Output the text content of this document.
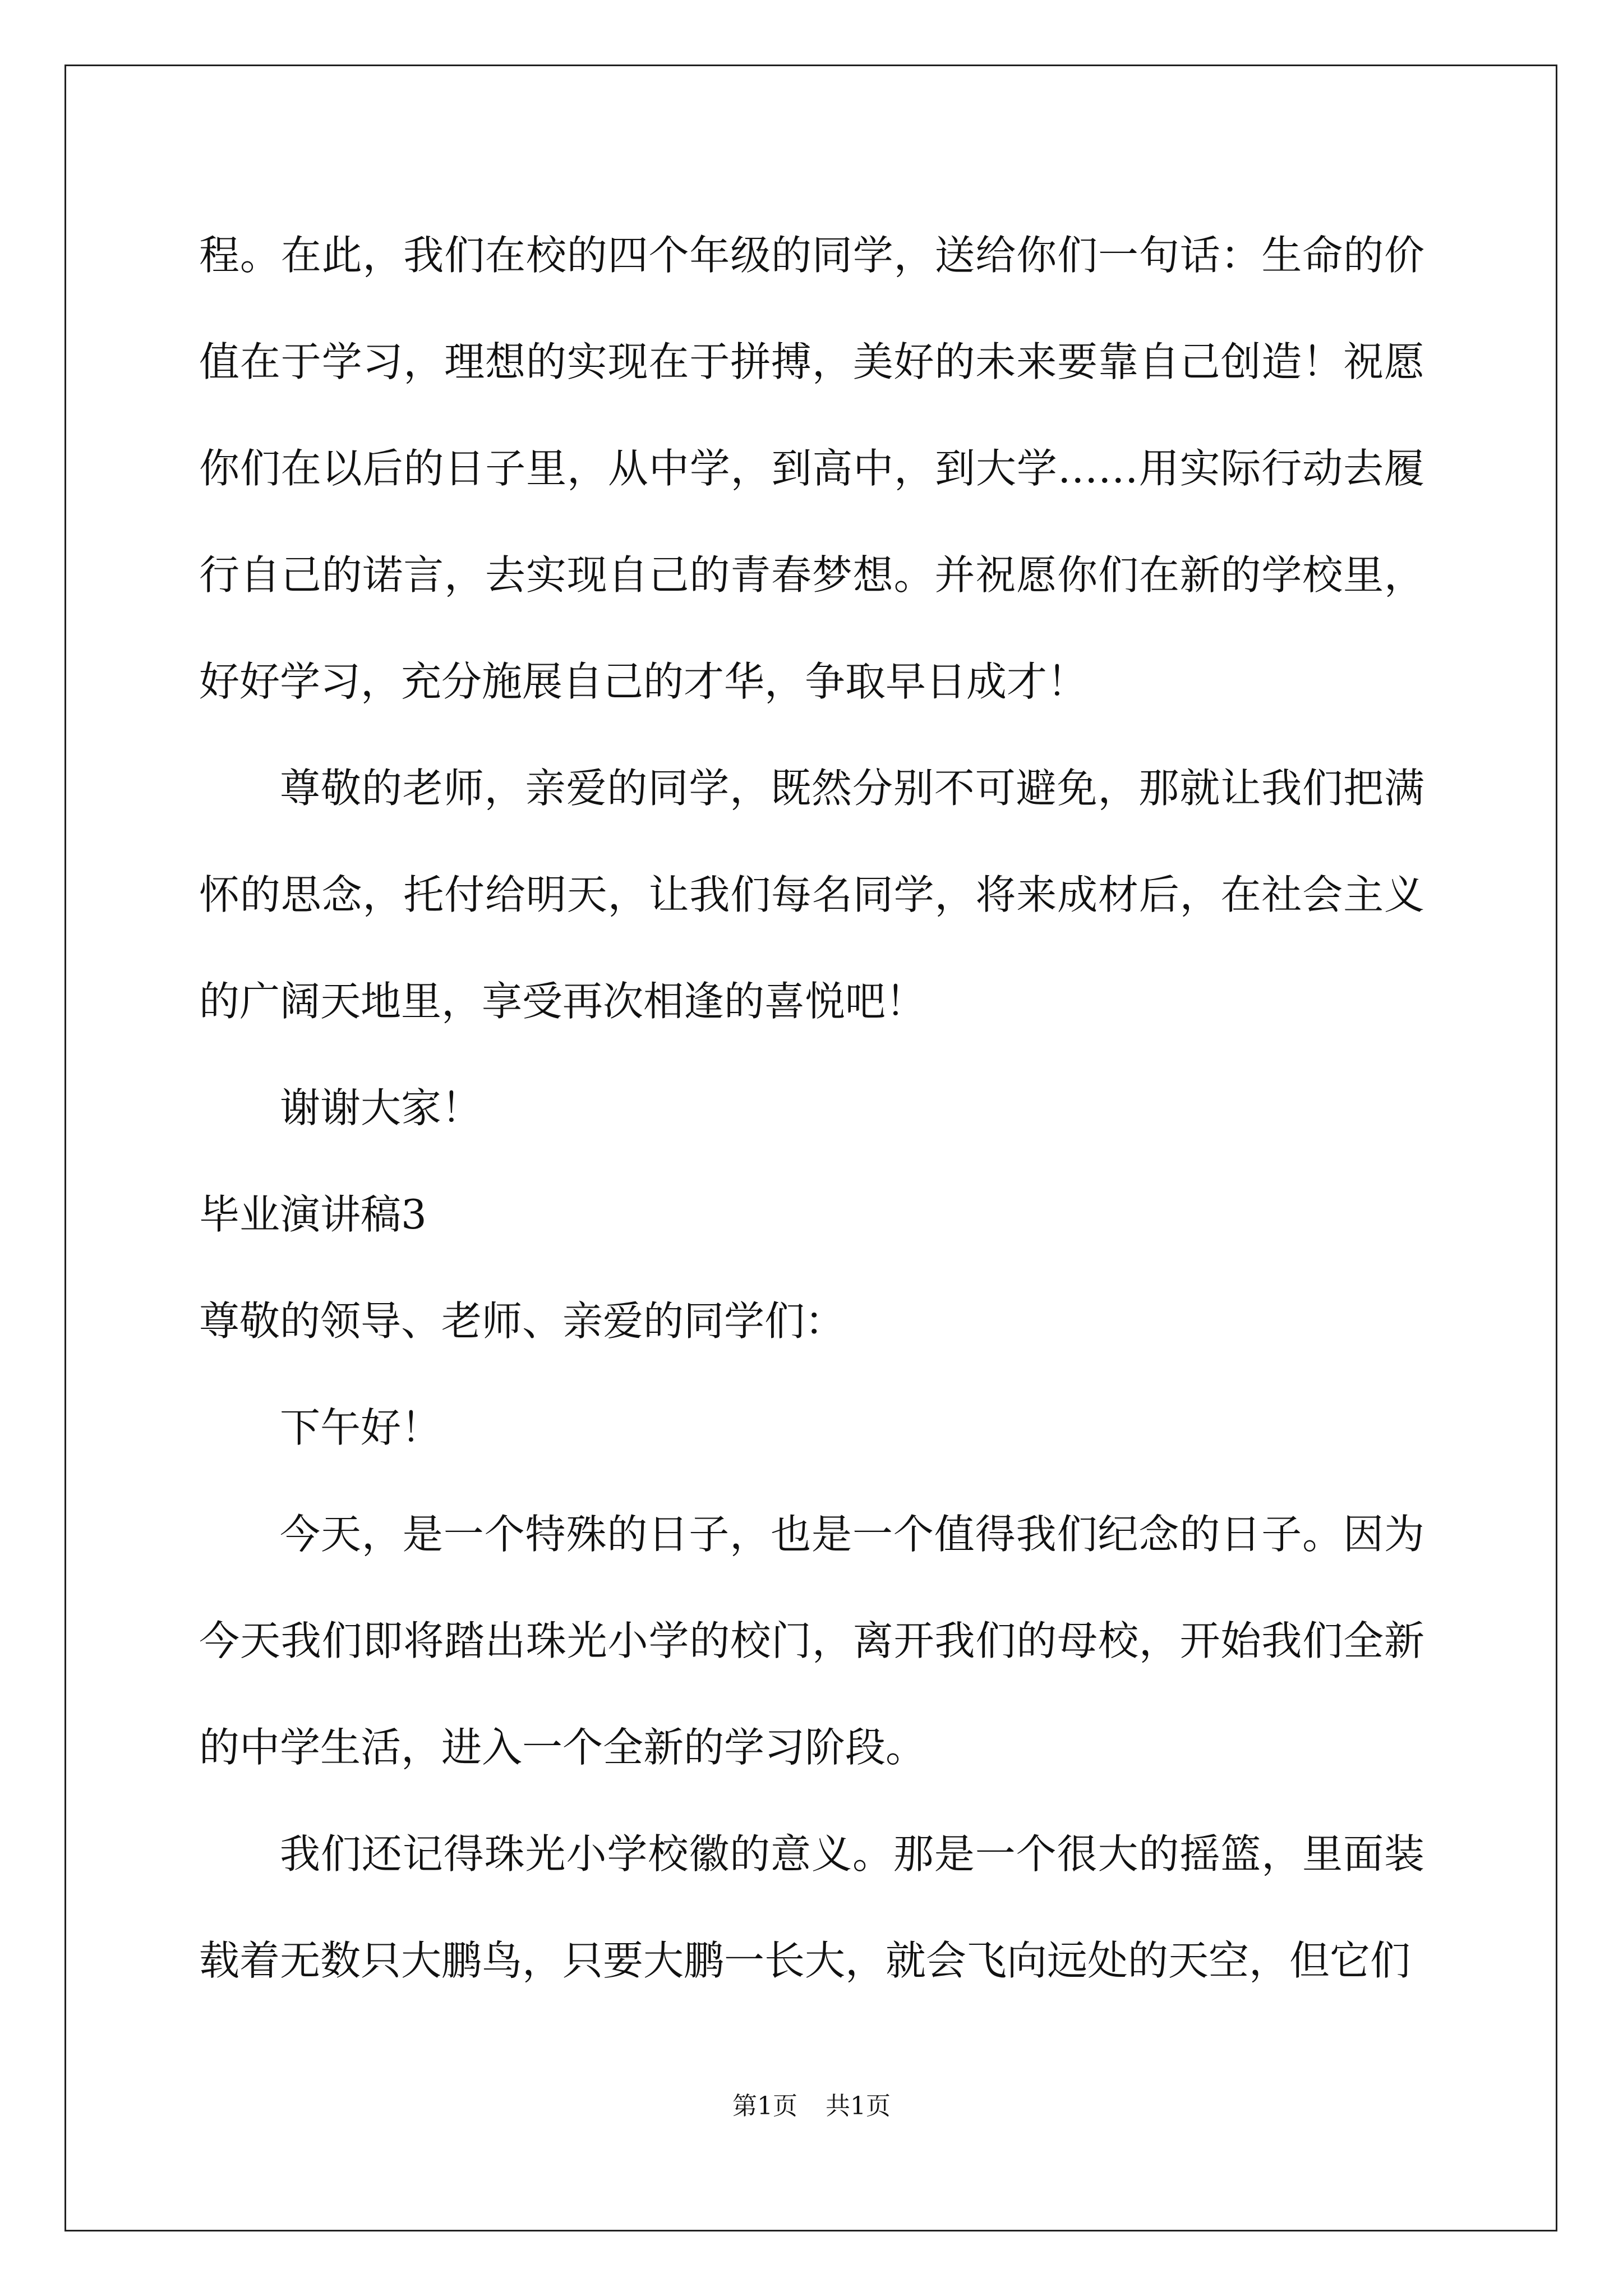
程。在此，我们在校的四个年级的同学，送给你们一句话：生命的价值在于学习，理想的实现在于拼搏，美好的未来要靠自己创造！祝愿你们在以后的日子里，从中学，到高中，到大学……用实际行动去履行自己的诺言，去实现自己的青春梦想。并祝愿你们在新的学校里，好好学习，充分施展自己的才华，争取早日成才！

尊敬的老师，亲爱的同学，既然分别不可避免，那就让我们把满怀的思念，托付给明天，让我们每名同学，将来成材后，在社会主义的广阔天地里，享受再次相逢的喜悦吧！

谢谢大家！

毕业演讲稿3

尊敬的领导、老师、亲爱的同学们：

下午好！

今天，是一个特殊的日子，也是一个值得我们纪念的日子。因为今天我们即将踏出珠光小学的校门，离开我们的母校，开始我们全新的中学生活，进入一个全新的学习阶段。

我们还记得珠光小学校徽的意义。那是一个很大的摇篮，里面装载着无数只大鹏鸟，只要大鹏一长大，就会飞向远处的天空，但它们

第1页 共1页
